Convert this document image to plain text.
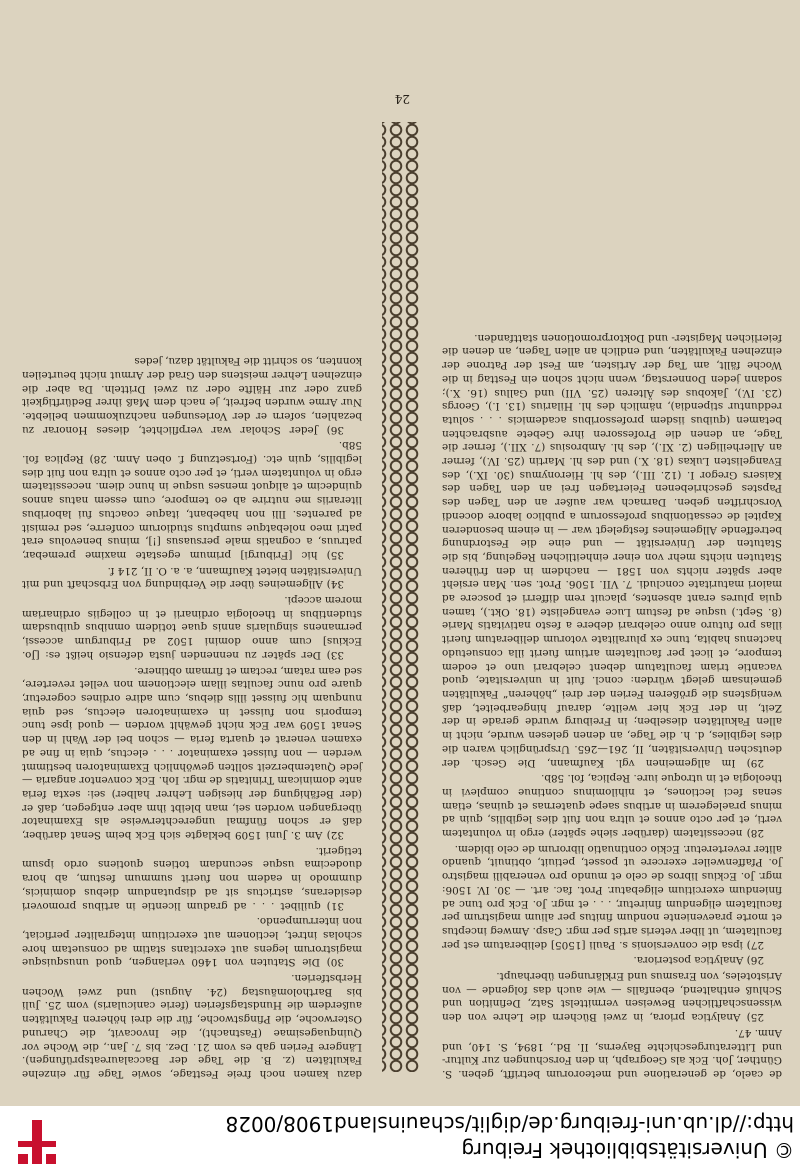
© Universitätsbibliothek Freiburg
http://dl.ub.uni-freiburg.de/diglit/schauinsland1908/0028

de caelo, de generatione und meteororum betrifft, geben. S. Günther, Joh. Eck als Geograph, in den Forschungen zur Kultur- und Litteraturgeschichte Bayerns, II. Bd., 1894, S. 140, und Anm. 47.

25) Analytica priora, in zwei Büchern die Lehre von den wissenschaftlichen Beweisen vermittelst Satz, Definition und Schluß enthaltend, ebenfalls — wie auch das folgende — von Aristoteles, von Erasmus und Erklärungen überhaupt.

26) Analytica posteriora.

27) ipsa die conversionis s. Pauli [1505] deliberatum est per facultatem, ut liber veteris artis per mgr. Casp. Amweg inceptus et morte praeveniente nondum finitus per alium magistrum per facultatem eligendum finiretur, . . . et mgr. Jo. Eck pro tunc ad finiendum exercitium eligebatur. Prot. fac. art. — 30. IV. 1506: mgr. Jo. Eckius libros de celo et mundo pro venerabili magistro Jo. Pfaffenweiler exercere ut posset, petiuit, obtinuit, quando aliter reverteretur. Eckio continuatio librorum de celo ibidem.

28) necessitatem (darüber siehe später) ergo in voluntatem verti, et per octo annos et ultra non fuit dies legibilis, quin ad minus praelegerem in artibus saepe quaternas et quinas, etiam senas feci lectiones, et nihilominus continue complevi in theologia et in utroque iure. Replica, fol. 58b.

29) Im allgemeinen vgl. Kaufmann, Die Gesch. der deutschen Universitäten, II, 261—265. Ursprünglich waren die dies legibiles, d. h. die Tage, an denen gelesen wurde, nicht in allen Fakultäten dieselben; in Freiburg wurde gerade in der Zeit, in der Eck hier weilte, darauf hingearbeitet, daß wenigstens die größeren Ferien der drei „höheren“ Fakultäten gemeinsam gelegt würden: concl. fuit in universitate, quod vacantie triam facultatum debent celebrari uno et eodem tempore, et licet per facultatem artium fuerit illa consuetudo hactenus habita, tunc ex pluralitate votorum deliberatum fuerit illas pro futuro anno celebrari debere a festo nativitatis Marie (8. Sept.) usque ad festum Luce evangeliste (18. Okt.), tamen quia plures erant absentes, placuit rem differri et poscere ad maiori maturitate concludi. 7. VII. 1506. Prot. sen. Man ersieht aber später nichts von 1581 — nachdem in den früheren Statuten nichts mehr von einer einheitlichen Regelung, bis die Statuten der Universität — und eine die Festordnung betreffende Allgemeines festgelegt war — in einem besonderen Kapitel de cessationibus professorum a publico labore docendi Vorschriften geben. Darnach war außer an den Tagen des Papstes geschriebenen Feiertagen frei an den Tagen des Kaisers Gregor I. (12. III.), des hl. Hieronymus (30. IX.), des Evangelisten Lukas (18. X.) und des hl. Martin (25. IV.), ferner an Allerheiligen (2. XI.), des hl. Ambrosius (7. XII.), ferner die Tage, an denen die Professoren ihre Gebete ausbrachten betamen (quibus iisdem professoribus academicis . . . soluta redduntur stipendia), nämlich des hl. Hilarius (13. I.), Georgs (23. IV.), Jakobus des Älteren (25. VII) und Gallus (16. X.); sodann jeden Donnerstag, wenn nicht schon ein Festtag in die Woche fällt, am Tag der Artisten, am Fest der Patrone der einzelnen Fakultäten, und endlich an allen Tagen, an denen die feierlichen Magister- und Doktorpromotionen stattfanden.

dazu kamen noch freie Festtage, sowie Tage für einzelne Fakultäten (z. B. die Tage der Baccalaureatsprüfungen). Längere Ferien gab es vom 21. Dez. bis 7. Jan., die Woche vor Quinquagesimae (Fastnacht), die Invocavit, die Charund Osterwoche, die Pfingstwoche, für die drei höheren Fakultäten außerdem die Hundstagsferien (ferie canicularis) vom 25. Juli bis Bartholomäustag (24. August) und zwei Wochen Herbstferien.

30) Die Statuten von 1460 verlangen, quod unusquisque magistrorum legens aut exercitans statim ad consuetam hore scholas intret, lectionem aut exercitium integraliter perficiat, non interrumpendo.

31) quilibet . . . ad gradum licentie in artibus promoveri desiderans, astrictus sit ad disputandum diebus dominicis, dummodo in eadem non fuerit summum festum, ab hora duodecima usque secundam totiens quotiens ordo ipsum tetigerit.

32) Am 3. Juni 1509 beklagte sich Eck beim Senat darüber, daß er schon fünfmal ungerechterweise als Examinator übergangen worden sei, man bleibt ihm aber entgegen, daß er (der Befähigung der hiesigen Lehrer halber) sei: sexta feria ante dominicam Trinitatis de mgr. Ioh. Eck conventor angaria — jede Quatemberzeit sollten gewöhnlich Examinatoren bestimmt werden — non fuisset examinator . . . electus, quia in fine ad examen venerat et quarta feria — schon bei der Wahl in den Senat 1509 war Eck nicht gewählt worden — quod ipse tunc temporis non fuisset in examinatoren electus, sed quia nunquam hic fuisset illis diebus, cum adire ordines cogeretur, quare pro nunc facultas illam electionem non vellet revertere, sed eam ratam, rectam et firmam obtinere.

33) Der später zu nennenden justa defensio heißt es: [Jo. Eckius] cum anno domini 1502 ad Friburgum accessi, permanens singularis annis quae totidem omnibus quibusdam studentibus in theologia ordinarii et in collegiis ordinariam morem accepi.

34) Allgemeines über die Verbindung von Erbschaft und mit Universitäten bietet Kaufmann, a. a. O. II, 214 f.

35) hic [Friburgi] primum egestate maxime premebar, patruus, a cognatis male persuasus [!], minus benevolus erat patri meo nolebatque sumptus studiorum conferre, sed remisit ad parentes. Illi non habebant, itaque coactus fui laboribus literariis me nutrire ab eo tempore, cum essem natus annos quindecim et aliquot menses usque in hunc diem. necessitatem ergo in voluntatem verti, et per octo annos et ultra non fuit dies legibilis, quin etc. (Fortsetzung f. oben Anm. 28) Replica fol. 58b.

36) Jeder Scholar war verpflichtet, dieses Honorar zu bezahlen, sofern er der Vorlesungen nachzukommen beliebte. Nur Arme wurden befreit, je nach dem Maß ihrer Bedürftigkeit ganz oder zur Hälfte oder zu zwei Dritteln. Da aber die einzelnen Lehrer meistens den Grad der Armut nicht beurteilen konnten, so schritt die Fakultät dazu, jedes

24
